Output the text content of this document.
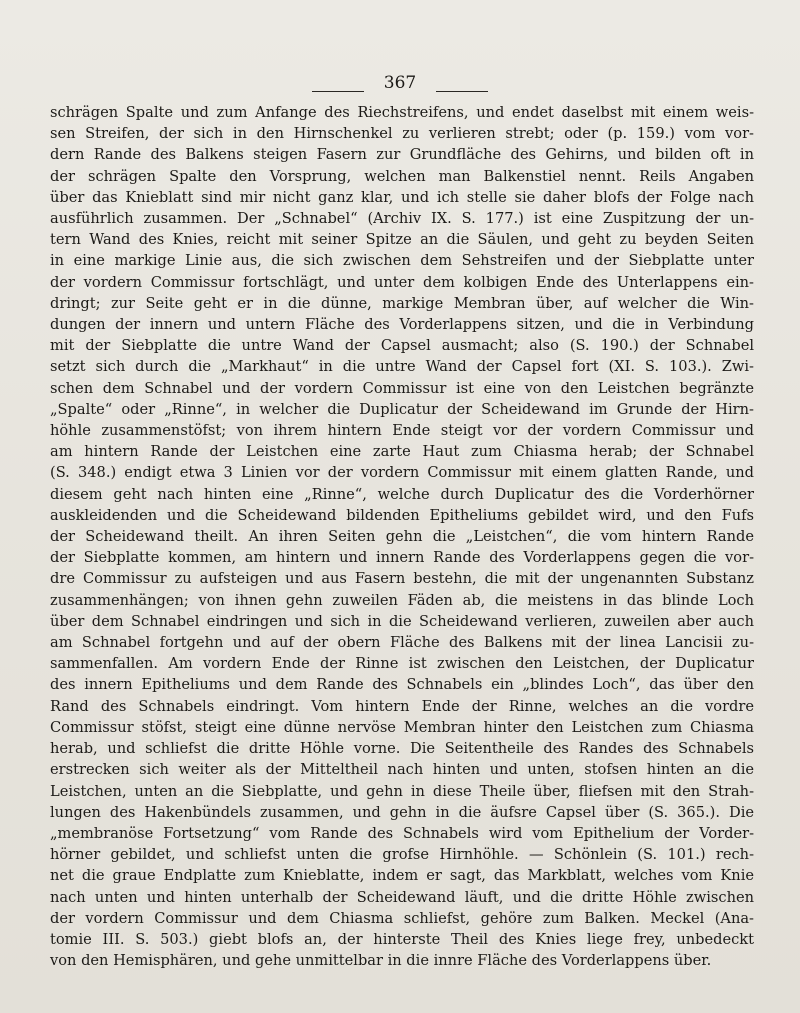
367
schrägen Spalte und zum Anfange des Riechstreifens, und endet daselbst mit einem weis-
sen Streifen, der sich in den Hirnschenkel zu verlieren strebt; oder (p. 159.) vom vor-
dern Rande des Balkens steigen Fasern zur Grundfläche des Gehirns, und bilden oft in
der schrägen Spalte den Vorsprung, welchen man Balkenstiel nennt. Reils Angaben
über das Knieblatt sind mir nicht ganz klar, und ich stelle sie daher blofs der Folge nach
ausführlich zusammen. Der „Schnabel“ (Archiv IX. S. 177.) ist eine Zuspitzung der un-
tern Wand des Knies, reicht mit seiner Spitze an die Säulen, und geht zu beyden Seiten
in eine markige Linie aus, die sich zwischen dem Sehstreifen und der Siebplatte unter
der vordern Commissur fortschlägt, und unter dem kolbigen Ende des Unterlappens ein-
dringt; zur Seite geht er in die dünne, markige Membran über, auf welcher die Win-
dungen der innern und untern Fläche des Vorderlappens sitzen, und die in Verbindung
mit der Siebplatte die untre Wand der Capsel ausmacht; also (S. 190.) der Schnabel
setzt sich durch die „Markhaut“ in die untre Wand der Capsel fort (XI. S. 103.). Zwi-
schen dem Schnabel und der vordern Commissur ist eine von den Leistchen begränzte
„Spalte“ oder „Rinne“, in welcher die Duplicatur der Scheidewand im Grunde der Hirn-
höhle zusammenstöfst; von ihrem hintern Ende steigt vor der vordern Commissur und
am hintern Rande der Leistchen eine zarte Haut zum Chiasma herab; der Schnabel
(S. 348.) endigt etwa 3 Linien vor der vordern Commissur mit einem glatten Rande, und
diesem geht nach hinten eine „Rinne“, welche durch Duplicatur des die Vorderhörner
auskleidenden und die Scheidewand bildenden Epitheliums gebildet wird, und den Fufs
der Scheidewand theilt. An ihren Seiten gehn die „Leistchen“, die vom hintern Rande
der Siebplatte kommen, am hintern und innern Rande des Vorderlappens gegen die vor-
dre Commissur zu aufsteigen und aus Fasern bestehn, die mit der ungenannten Substanz
zusammenhängen; von ihnen gehn zuweilen Fäden ab, die meistens in das blinde Loch
über dem Schnabel eindringen und sich in die Scheidewand verlieren, zuweilen aber auch
am Schnabel fortgehn und auf der obern Fläche des Balkens mit der linea Lancisii zu-
sammenfallen. Am vordern Ende der Rinne ist zwischen den Leistchen, der Duplicatur
des innern Epitheliums und dem Rande des Schnabels ein „blindes Loch“, das über den
Rand des Schnabels eindringt. Vom hintern Ende der Rinne, welches an die vordre
Commissur stöfst, steigt eine dünne nervöse Membran hinter den Leistchen zum Chiasma
herab, und schliefst die dritte Höhle vorne. Die Seitentheile des Randes des Schnabels
erstrecken sich weiter als der Mitteltheil nach hinten und unten, stofsen hinten an die
Leistchen, unten an die Siebplatte, und gehn in diese Theile über, fliefsen mit den Strah-
lungen des Hakenbündels zusammen, und gehn in die äufsre Capsel über (S. 365.). Die
„membranöse Fortsetzung“ vom Rande des Schnabels wird vom Epithelium der Vorder-
hörner gebildet, und schliefst unten die grofse Hirnhöhle. — Schönlein (S. 101.) rech-
net die graue Endplatte zum Knieblatte, indem er sagt, das Markblatt, welches vom Knie
nach unten und hinten unterhalb der Scheidewand läuft, und die dritte Höhle zwischen
der vordern Commissur und dem Chiasma schliefst, gehöre zum Balken. Meckel (Ana-
tomie III. S. 503.) giebt blofs an, der hinterste Theil des Knies liege frey, unbedeckt
von den Hemisphären, und gehe unmittelbar in die innre Fläche des Vorderlappens über.
